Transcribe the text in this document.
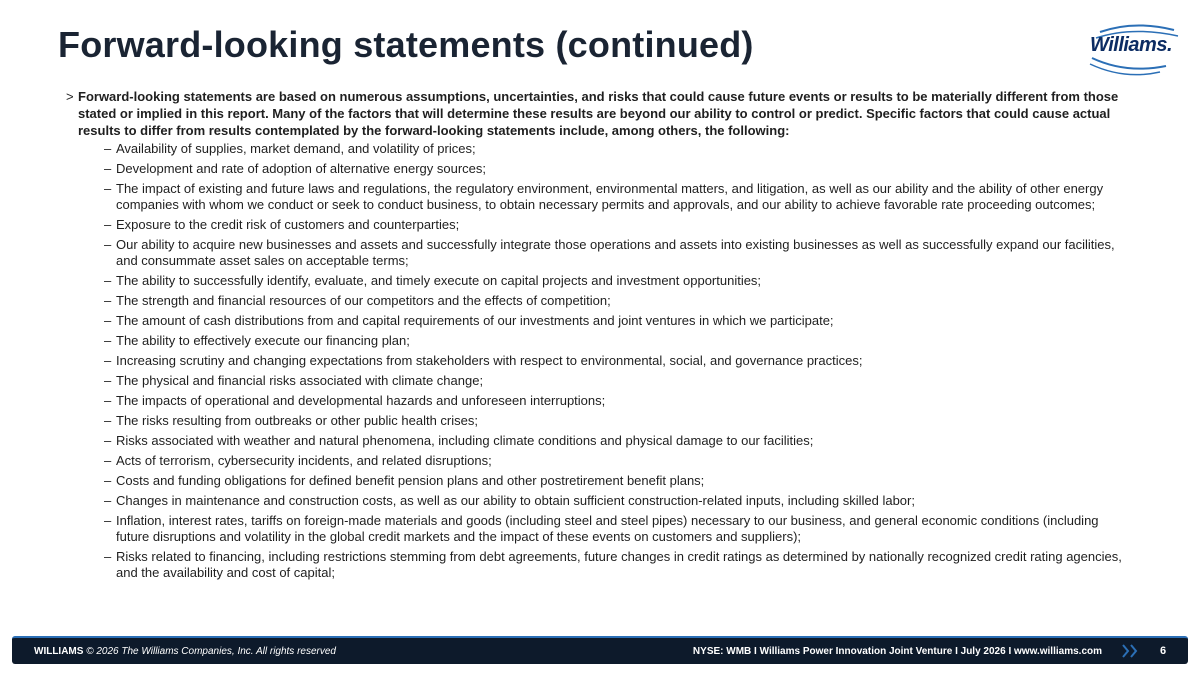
Forward-looking statements (continued)	Williams.
> Forward-looking statements are based on numerous assumptions, uncertainties, and risks that could cause future events or results to be materially different from those stated or implied in this report. Many of the factors that will determine these results are beyond our ability to control or predict. Specific factors that could cause actual results to differ from results contemplated by the forward-looking statements include, among others, the following:
– Availability of supplies, market demand, and volatility of prices;
– Development and rate of adoption of alternative energy sources;
– The impact of existing and future laws and regulations, the regulatory environment, environmental matters, and litigation, as well as our ability and the ability of other energy companies with whom we conduct or seek to conduct business, to obtain necessary permits and approvals, and our ability to achieve favorable rate proceeding outcomes;
– Exposure to the credit risk of customers and counterparties;
– Our ability to acquire new businesses and assets and successfully integrate those operations and assets into existing businesses as well as successfully expand our facilities, and consummate asset sales on acceptable terms;
– The ability to successfully identify, evaluate, and timely execute on capital projects and investment opportunities;
– The strength and financial resources of our competitors and the effects of competition;
– The amount of cash distributions from and capital requirements of our investments and joint ventures in which we participate;
– The ability to effectively execute our financing plan;
– Increasing scrutiny and changing expectations from stakeholders with respect to environmental, social, and governance practices;
– The physical and financial risks associated with climate change;
– The impacts of operational and developmental hazards and unforeseen interruptions;
– The risks resulting from outbreaks or other public health crises;
– Risks associated with weather and natural phenomena, including climate conditions and physical damage to our facilities;
– Acts of terrorism, cybersecurity incidents, and related disruptions;
– Costs and funding obligations for defined benefit pension plans and other postretirement benefit plans;
– Changes in maintenance and construction costs, as well as our ability to obtain sufficient construction-related inputs, including skilled labor;
– Inflation, interest rates, tariffs on foreign-made materials and goods (including steel and steel pipes) necessary to our business, and general economic conditions (including future disruptions and volatility in the global credit markets and the impact of these events on customers and suppliers);
– Risks related to financing, including restrictions stemming from debt agreements, future changes in credit ratings as determined by nationally recognized credit rating agencies, and the availability and cost of capital;
WILLIAMS © 2026 The Williams Companies, Inc. All rights reserved	NYSE: WMB I Williams Power Innovation Joint Venture I July 2026 I www.williams.com	6
